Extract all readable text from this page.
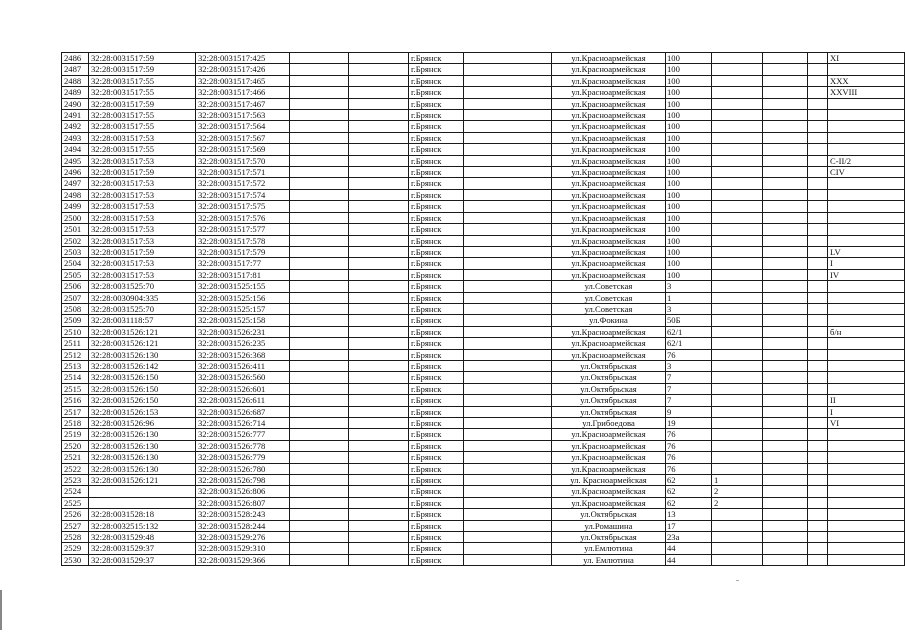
2486	32:28:0031517:59	32:28:0031517:425			г.Брянск		ул.Красноармейская	100				XI
2487	32:28:0031517:59	32:28:0031517:426			г.Брянск		ул.Красноармейская	100				
2488	32:28:0031517:55	32:28:0031517:465			г.Брянск		ул.Красноармейская	100				XXX
2489	32:28:0031517:55	32:28:0031517:466			г.Брянск		ул.Красноармейская	100				XXVIII
2490	32:28:0031517:59	32:28:0031517:467			г.Брянск		ул.Красноармейская	100				
2491	32:28:0031517:55	32:28:0031517:563			г.Брянск		ул.Красноармейская	100				
2492	32:28:0031517:55	32:28:0031517:564			г.Брянск		ул.Красноармейская	100				
2493	32:28:0031517:53	32:28:0031517:567			г.Брянск		ул.Красноармейская	100				
2494	32:28:0031517:55	32:28:0031517:569			г.Брянск		ул.Красноармейская	100				
2495	32:28:0031517:53	32:28:0031517:570			г.Брянск		ул.Красноармейская	100				С-II/2
2496	32:28:0031517:59	32:28:0031517:571			г.Брянск		ул.Красноармейская	100				CIV
2497	32:28:0031517:53	32:28:0031517:572			г.Брянск		ул.Красноармейская	100				
2498	32:28:0031517:53	32:28:0031517:574			г.Брянск		ул.Красноармейская	100				
2499	32:28:0031517:53	32:28:0031517:575			г.Брянск		ул.Красноармейская	100				
2500	32:28:0031517:53	32:28:0031517:576			г.Брянск		ул.Красноармейская	100				
2501	32:28:0031517:53	32:28:0031517:577			г.Брянск		ул.Красноармейская	100				
2502	32:28:0031517:53	32:28:0031517:578			г.Брянск		ул.Красноармейская	100				
2503	32:28:0031517:59	32:28:0031517:579			г.Брянск		ул.Красноармейская	100				LV
2504	32:28:0031517:53	32:28:0031517:77			г.Брянск		ул.Красноармейская	100				I
2505	32:28:0031517:53	32:28:0031517:81			г.Брянск		ул.Красноармейская	100				IV
2506	32:28:0031525:70	32:28:0031525:155			г.Брянск		ул.Советская	3				
2507	32:28:0030904:335	32:28:0031525:156			г.Брянск		ул.Советская	1				
2508	32:28:0031525:70	32:28:0031525:157			г.Брянск		ул.Советская	3				
2509	32:28:0031118:57	32:28:0031525:158			г.Брянск		ул.Фокина	50Б				
2510	32:28:0031526:121	32:28:0031526:231			г.Брянск		ул.Красноармейская	62/1				б/н
2511	32:28:0031526:121	32:28:0031526:235			г.Брянск		ул.Красноармейская	62/1				
2512	32:28:0031526:130	32:28:0031526:368			г.Брянск		ул.Красноармейская	76				
2513	32:28:0031526:142	32:28:0031526:411			г.Брянск		ул.Октябрьская	3				
2514	32:28:0031526:150	32:28:0031526:560			г.Брянск		ул.Октябрьская	7				
2515	32:28:0031526:150	32:28:0031526:601			г.Брянск		ул.Октябрьская	7				
2516	32:28:0031526:150	32:28:0031526:611			г.Брянск		ул.Октябрьская	7				II
2517	32:28:0031526:153	32:28:0031526:687			г.Брянск		ул.Октябрьская	9				I
2518	32:28:0031526:96	32:28:0031526:714			г.Брянск		ул.Грибоедова	19				VI
2519	32:28:0031526:130	32:28:0031526:777			г.Брянск		ул.Красноармейская	76				
2520	32:28:0031526:130	32:28:0031526:778			г.Брянск		ул.Красноармейская	76				
2521	32:28:0031526:130	32:28:0031526:779			г.Брянск		ул.Красноармейская	76				
2522	32:28:0031526:130	32:28:0031526:780			г.Брянск		ул.Красноармейская	76				
2523	32:28:0031526:121	32:28:0031526:798			г.Брянск		ул. Красноармейская	62	1			
2524		32:28:0031526:806			г.Брянск		ул.Красноармейская	62	2			
2525		32:28:0031526:807			г.Брянск		ул.Красноармейская	62	2			
2526	32:28:0031528:18	32:28:0031528:243			г.Брянск		ул.Октябрьская	13				
2527	32:28:0032515:132	32:28:0031528:244			г.Брянск		ул.Ромашина	17				
2528	32:28:0031529:48	32:28:0031529:276			г.Брянск		ул.Октябрьская	23а				
2529	32:28:0031529:37	32:28:0031529:310			г.Брянск		ул.Емлютина	44				
2530	32:28:0031529:37	32:28:0031529:366			г.Брянск		ул. Емлютина	44				
